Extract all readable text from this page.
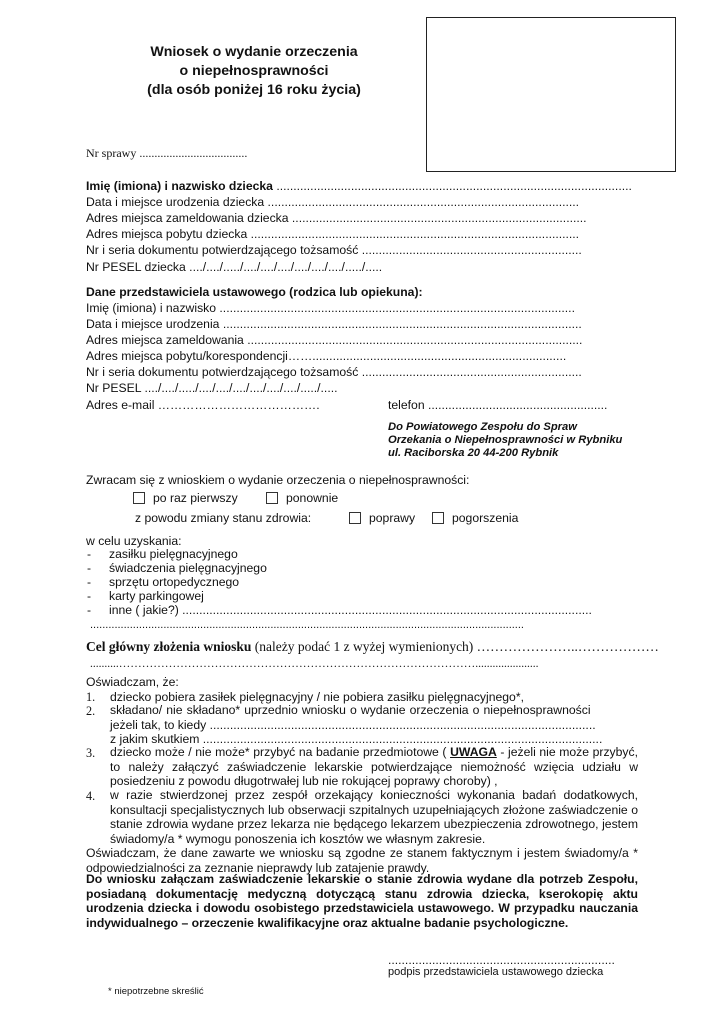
Wniosek o wydanie orzeczenia
o niepełnosprawności
(dla osób poniżej 16 roku życia)
Nr sprawy ....................................
Imię (imiona) i nazwisko dziecka .........................................................................................................
Data i miejsce urodzenia dziecka ............................................................................................
Adres miejsca zameldowania dziecka .......................................................................................
Adres miejsca pobytu dziecka .................................................................................................
Nr i seria dokumentu potwierdzającego tożsamość .................................................................
Nr PESEL dziecka ..../..../...../..../..../..../..../..../..../...../.....
Dane przedstawiciela ustawowego (rodzica lub opiekuna):
Imię (imiona) i nazwisko .........................................................................................................
Data i miejsce urodzenia ..........................................................................................................
Adres miejsca zameldowania ...................................................................................................
Adres miejsca pobytu/korespondencji……...........................................................................
Nr i seria dokumentu potwierdzającego tożsamość .................................................................
Nr PESEL ..../..../...../..../..../..../..../..../..../...../.....
Adres e-mail ………………………………….	telefon .....................................................
Do Powiatowego Zespołu do Spraw
Orzekania o Niepełnosprawności w Rybniku
ul. Raciborska 20 44-200 Rybnik
Zwracam się z wnioskiem o wydanie orzeczenia o niepełnosprawności:
po raz pierwszy	ponownie
z powodu zmiany stanu zdrowia:	poprawy	pogorszenia
w celu uzyskania:
- zasiłku pielęgnacyjnego
- świadczenia pielęgnacyjnego
- sprzętu ortopedycznego
- karty parkingowej
- inne ( jakie?) .........................................................................................................................
..............................................................................................................................................
Cel główny złożenia wniosku (należy podać 1 z wyżej wymienionych) …………………..………………
..........…………………………………………………………………………………......................
Oświadczam, że:
1. dziecko pobiera zasiłek pielęgnacyjny / nie pobiera zasiłku pielęgnacyjnego*,
2. składano/ nie składano* uprzednio wniosku o wydanie orzeczenia o niepełnosprawności
jeżeli tak, to kiedy ..................................................................................................................
z jakim skutkiem ......................................................................................................................
3. dziecko może / nie może* przybyć na badanie przedmiotowe ( UWAGA - jeżeli nie może przybyć, to należy załączyć zaświadczenie lekarskie potwierdzające niemożność wzięcia udziału w posiedzeniu z powodu długotrwałej lub nie rokującej poprawy choroby) ,
4. w razie stwierdzonej przez zespół orzekający konieczności wykonania badań dodatkowych, konsultacji specjalistycznych lub obserwacji szpitalnych uzupełniających złożone zaświadczenie o stanie zdrowia wydane przez lekarza nie będącego lekarzem ubezpieczenia zdrowotnego, jestem świadomy/a * wymogu ponoszenia ich kosztów we własnym zakresie.
Oświadczam, że dane zawarte we wniosku są zgodne ze stanem faktycznym i jestem świadomy/a * odpowiedzialności za zeznanie nieprawdy lub zatajenie prawdy.
Do wniosku załączam zaświadczenie lekarskie o stanie zdrowia wydane dla potrzeb Zespołu, posiadaną dokumentację medyczną dotyczącą stanu zdrowia dziecka, kserokopię aktu urodzenia dziecka i dowodu osobistego przedstawiciela ustawowego. W przypadku nauczania indywidualnego – orzeczenie kwalifikacyjne oraz aktualne badanie psychologiczne.
...................................................................
podpis przedstawiciela ustawowego dziecka
* niepotrzebne skreślić
